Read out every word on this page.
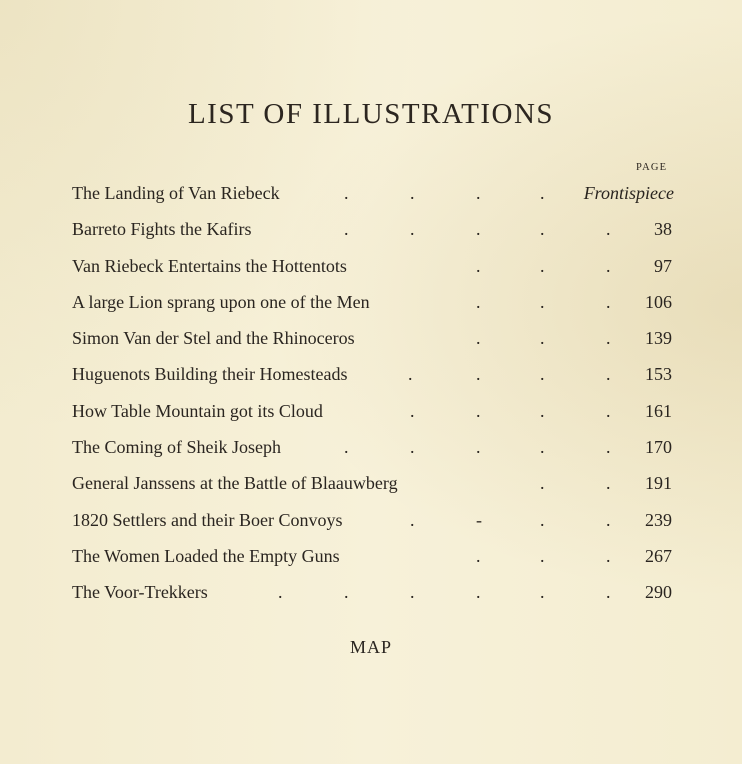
LIST OF ILLUSTRATIONS
PAGE
The Landing of Van Riebeck	.	.	.	. Frontispiece
Barreto Fights the Kafirs	.	.	.	.	. 38
Van Riebeck Entertains the Hottentots	.	.	. 97
A large Lion sprang upon one of the Men	.	.	. 106
Simon Van der Stel and the Rhinoceros	.	.	. 139
Huguenots Building their Homesteads	.	.	.	. 153
How Table Mountain got its Cloud	.	.	.	. 161
The Coming of Sheik Joseph	.	.	.	.	. 170
General Janssens at the Battle of Blaauwberg	.	. 191
1820 Settlers and their Boer Convoys	.	-	.	. 239
The Women Loaded the Empty Guns	.	.	. 267
The Voor-Trekkers	.	.	.	.	.	. 290
MAP
